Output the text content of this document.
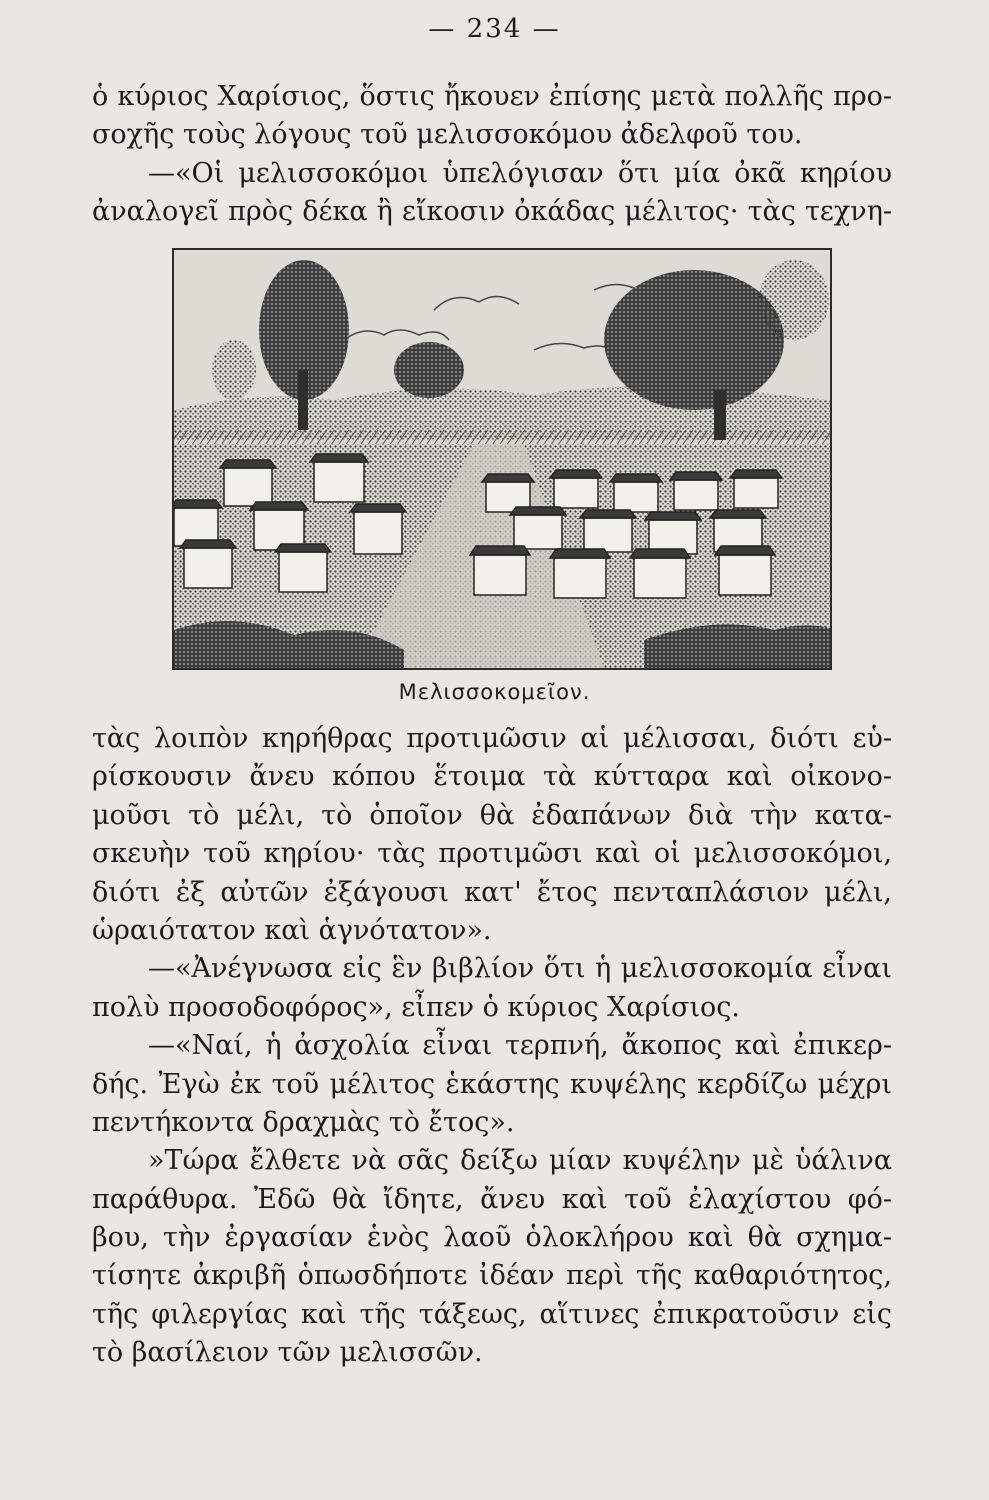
— 234 —
ὁ κύριος Χαρίσιος, ὅστις ἤκουεν ἐπίσης μετὰ πολλῆς προ-
σοχῆς τοὺς λόγους τοῦ μελισσοκόμου ἀδελφοῦ του.
—«Οἱ μελισσοκόμοι ὑπελόγισαν ὅτι μία ὀκᾶ κηρίου
ἀναλογεῖ πρὸς δέκα ἢ εἴκοσιν ὀκάδας μέλιτος· τὰς τεχνη-
Μελισσοκομεῖον.
τὰς λοιπὸν κηρήθρας προτιμῶσιν αἱ μέλισσαι, διότι εὑ-
ρίσκουσιν ἄνευ κόπου ἕτοιμα τὰ κύτταρα καὶ οἰκονο-
μοῦσι τὸ μέλι, τὸ ὁποῖον θὰ ἐδαπάνων διὰ τὴν κατα-
σκευὴν τοῦ κηρίου· τὰς προτιμῶσι καὶ οἱ μελισσοκόμοι,
διότι ἐξ αὐτῶν ἐξάγουσι κατ' ἔτος πενταπλάσιον μέλι,
ὡραιότατον καὶ ἁγνότατον».
—«Ἀνέγνωσα εἰς ἓν βιβλίον ὅτι ἡ μελισσοκομία εἶναι
πολὺ προσοδοφόρος», εἶπεν ὁ κύριος Χαρίσιος.
—«Ναί, ἡ ἀσχολία εἶναι τερπνή, ἄκοπος καὶ ἐπικερ-
δής. Ἐγὼ ἐκ τοῦ μέλιτος ἑκάστης κυψέλης κερδίζω μέχρι
πεντήκοντα δραχμὰς τὸ ἔτος».
»Τώρα ἔλθετε νὰ σᾶς δείξω μίαν κυψέλην μὲ ὑάλινα
παράθυρα. Ἐδῶ θὰ ἴδητε, ἄνευ καὶ τοῦ ἐλαχίστου φό-
βου, τὴν ἐργασίαν ἑνὸς λαοῦ ὁλοκλήρου καὶ θὰ σχημα-
τίσητε ἀκριβῆ ὁπωσδήποτε ἰδέαν περὶ τῆς καθαριότητος,
τῆς φιλεργίας καὶ τῆς τάξεως, αἵτινες ἐπικρατοῦσιν εἰς
τὸ βασίλειον τῶν μελισσῶν.
